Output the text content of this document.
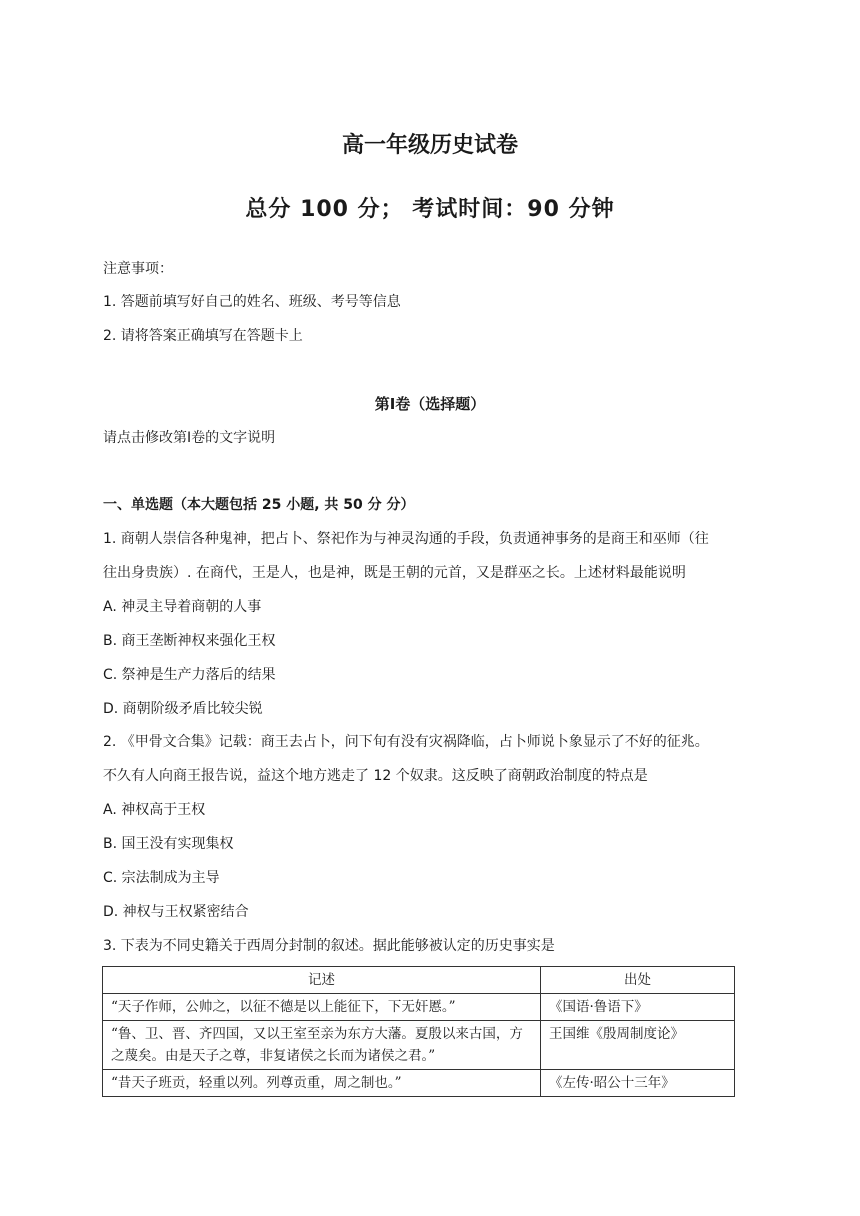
高一年级历史试卷
总分 100 分； 考试时间：90 分钟
注意事项：
1. 答题前填写好自己的姓名、班级、考号等信息
2. 请将答案正确填写在答题卡上
第Ⅰ卷（选择题）
请点击修改第Ⅰ卷的文字说明
一、单选题（本大题包括 25 小题, 共 50 分 分）
1. 商朝人崇信各种鬼神，把占卜、祭祀作为与神灵沟通的手段，负责通神事务的是商王和巫师（往
往出身贵族）. 在商代，王是人，也是神，既是王朝的元首，又是群巫之长。上述材料最能说明
A. 神灵主导着商朝的人事
B. 商王垄断神权来强化王权
C. 祭神是生产力落后的结果
D. 商朝阶级矛盾比较尖锐
2. 《甲骨文合集》记载：商王去占卜，问下旬有没有灾祸降临，占卜师说卜象显示了不好的征兆。
不久有人向商王报告说，益这个地方逃走了 12 个奴隶。这反映了商朝政治制度的特点是
A. 神权高于王权
B. 国王没有实现集权
C. 宗法制成为主导
D. 神权与王权紧密结合
3. 下表为不同史籍关于西周分封制的叙述。据此能够被认定的历史事实是
记述	出处
“天子作师，公帅之，以征不德是以上能征下，下无奸慝。”	《国语·鲁语下》
“鲁、卫、晋、齐四国，又以王室至亲为东方大藩。夏殷以来古国，方之蔑矣。由是天子之尊，非复诸侯之长而为诸侯之君。”	王国维《殷周制度论》
“昔天子班贡，轻重以列。列尊贡重，周之制也。”	《左传·昭公十三年》
